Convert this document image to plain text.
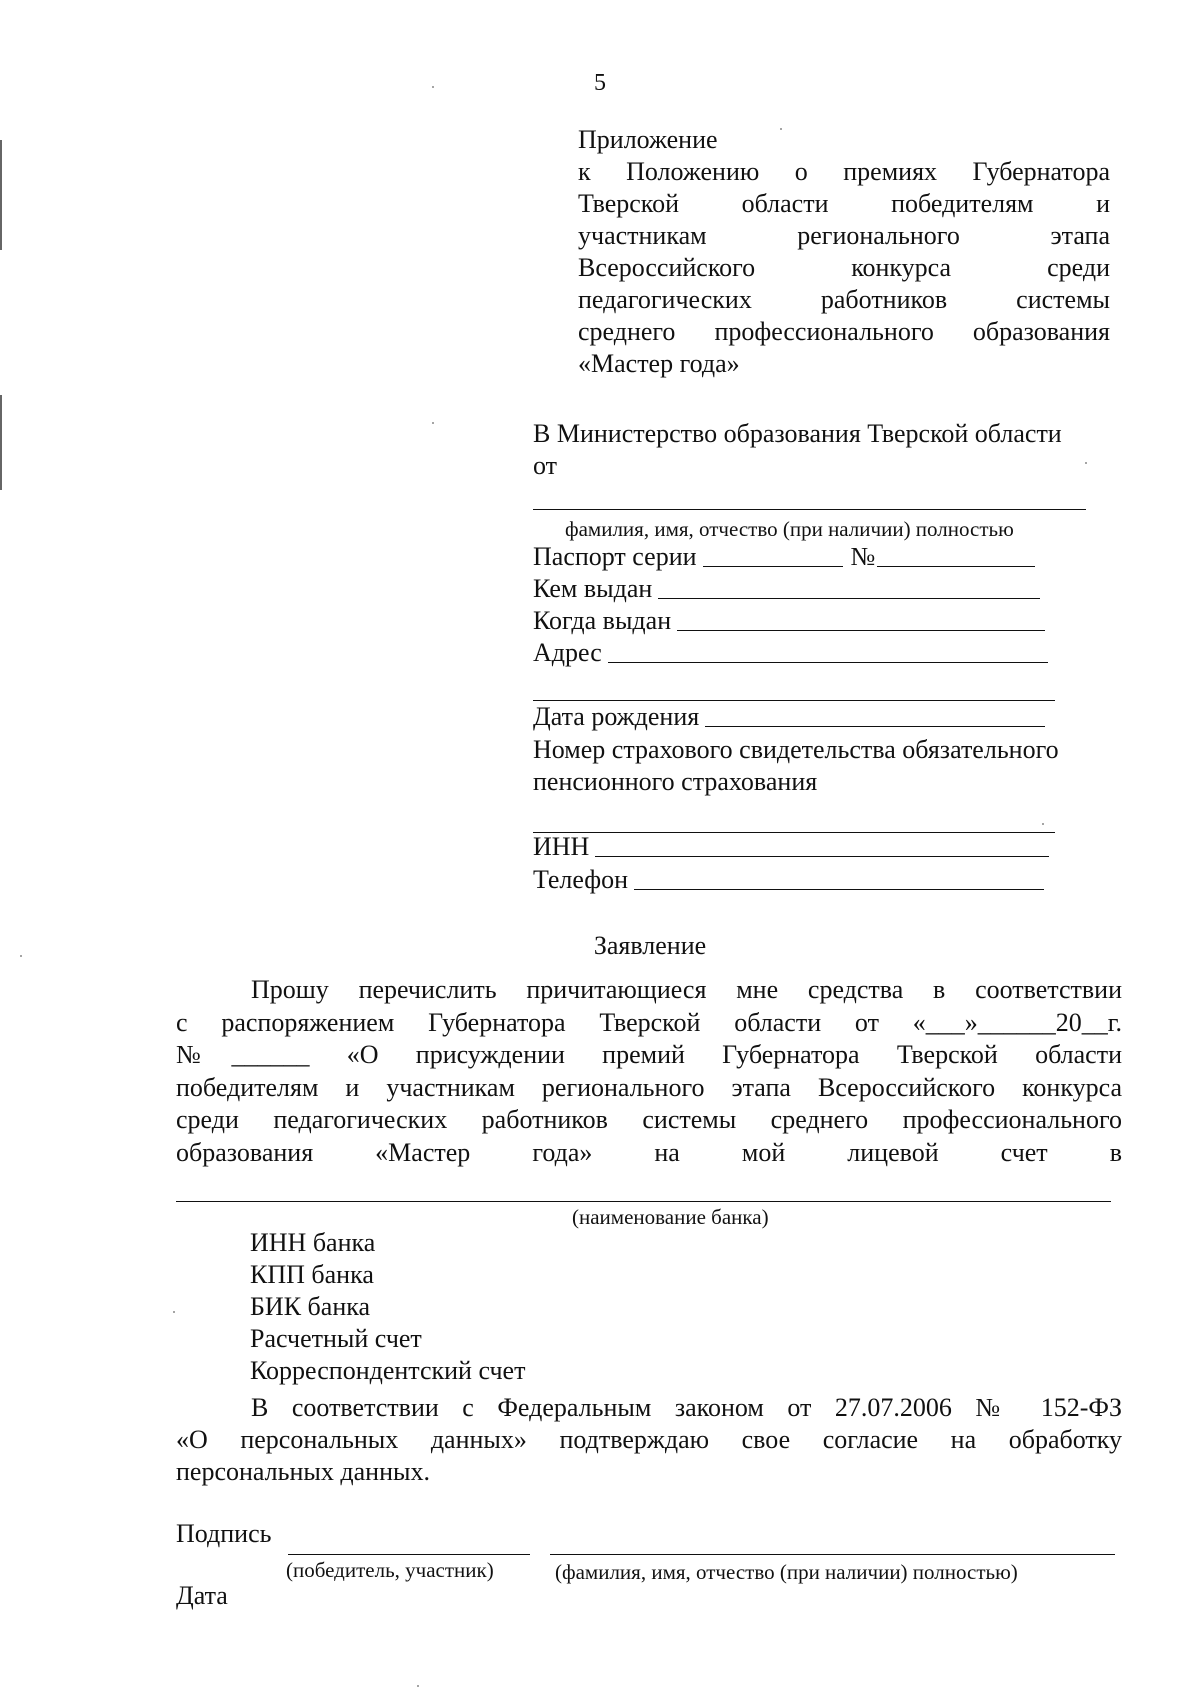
5
Приложение
к Положению о премиях Губернатора
Тверской области победителям и
участникам регионального этапа
Всероссийского конкурса среди
педагогических работников системы
среднего профессионального образования
«Мастер года»
В Министерство образования Тверской области
от
фамилия, имя, отчество (при наличии) полностью
Паспорт серии	№
Кем выдан
Когда выдан
Адрес
Дата рождения
Номер страхового свидетельства обязательного
пенсионного страхования
ИНН
Телефон
Заявление
Прошу перечислить причитающиеся мне средства в соответствии
с распоряжением Губернатора Тверской области от «___»______20__г.
№______ «О присуждении премий Губернатора Тверской области
победителям и участникам регионального этапа Всероссийского конкурса
среди педагогических работников системы среднего профессионального
образования «Мастер года» на мой лицевой счет в
(наименование банка)
ИНН банка
КПП банка
БИК банка
Расчетный счет
Корреспондентский счет
В соответствии с Федеральным законом от 27.07.2006 № 152-ФЗ
«О персональных данных» подтверждаю свое согласие на обработку
персональных данных.
Подпись
(победитель, участник)	(фамилия, имя, отчество (при наличии) полностью)
Дата
